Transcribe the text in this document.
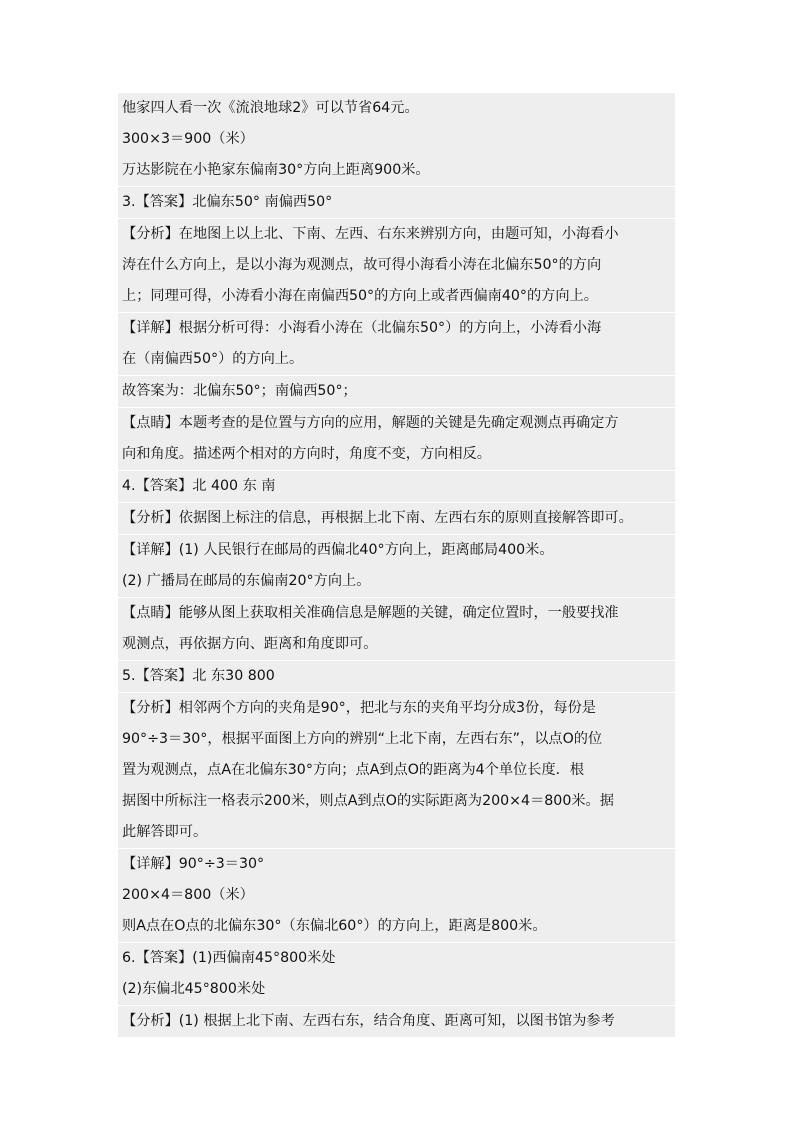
他家四人看一次《流浪地球2》可以节省64元。
300×3＝900（米）
万达影院在小艳家东偏南30°方向上距离900米。
3.【答案】北偏东50° 南偏西50°
【分析】在地图上以上北、下南、左西、右东来辨别方向，由题可知，小海看小
涛在什么方向上，是以小海为观测点，故可得小海看小涛在北偏东50°的方向
上；同理可得，小涛看小海在南偏西50°的方向上或者西偏南40°的方向上。
【详解】根据分析可得：小海看小涛在（北偏东50°）的方向上，小涛看小海
在（南偏西50°）的方向上。
故答案为：北偏东50°；南偏西50°；
【点睛】本题考查的是位置与方向的应用，解题的关键是先确定观测点再确定方
向和角度。描述两个相对的方向时，角度不变，方向相反。
4.【答案】北 400 东 南
【分析】依据图上标注的信息，再根据上北下南、左西右东的原则直接解答即可。
【详解】(1) 人民银行在邮局的西偏北40°方向上，距离邮局400米。
(2) 广播局在邮局的东偏南20°方向上。
【点睛】能够从图上获取相关准确信息是解题的关键，确定位置时，一般要找准
观测点，再依据方向、距离和角度即可。
5.【答案】北 东30 800
【分析】相邻两个方向的夹角是90°，把北与东的夹角平均分成3份，每份是
90°÷3＝30°，根据平面图上方向的辨别“上北下南，左西右东”，以点O的位
置为观测点，点A在北偏东30°方向；点A到点O的距离为4个单位长度．根
据图中所标注一格表示200米，则点A到点O的实际距离为200×4＝800米。据
此解答即可。
【详解】90°÷3＝30°
200×4＝800（米）
则A点在O点的北偏东30°（东偏北60°）的方向上，距离是800米。
6.【答案】(1)西偏南45°800米处
(2)东偏北45°800米处
【分析】(1) 根据上北下南、左西右东，结合角度、距离可知，以图书馆为参考
